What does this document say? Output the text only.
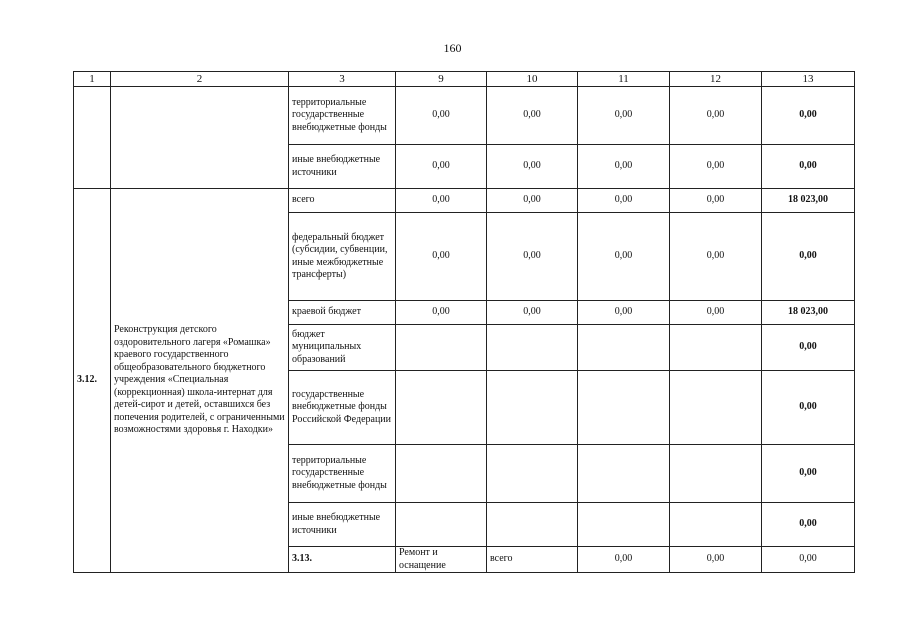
160
1	2	3	9	10	11	12	13	
		территориальные государственные внебюджетные фонды	0,00	0,00	0,00	0,00	0,00	
		иные внебюджетные источники	0,00	0,00	0,00	0,00	0,00	
3.12.	Реконструкция детского оздоровительного лагеря «Ромашка» краевого государственного общеобразовательного бюджетного учреждения «Специальная (коррекционная) школа-интернат для детей-сирот и детей, оставшихся без попечения родителей, с ограниченными возможностями здоровья г. Находки»	всего	0,00	0,00	0,00	0,00	18 023,00	
		федеральный бюджет (субсидии, субвенции, иные межбюджетные трансферты)	0,00	0,00	0,00	0,00	0,00	
		краевой бюджет	0,00	0,00	0,00	0,00	18 023,00	
		бюджет муниципальных образований					0,00	
		государственные внебюджетные фонды Российской Федерации					0,00	
		территориальные государственные внебюджетные фонды					0,00	
		иные внебюджетные источники					0,00	
		3.13.	Ремонт и оснащение	всего	0,00	0,00	0,00		
